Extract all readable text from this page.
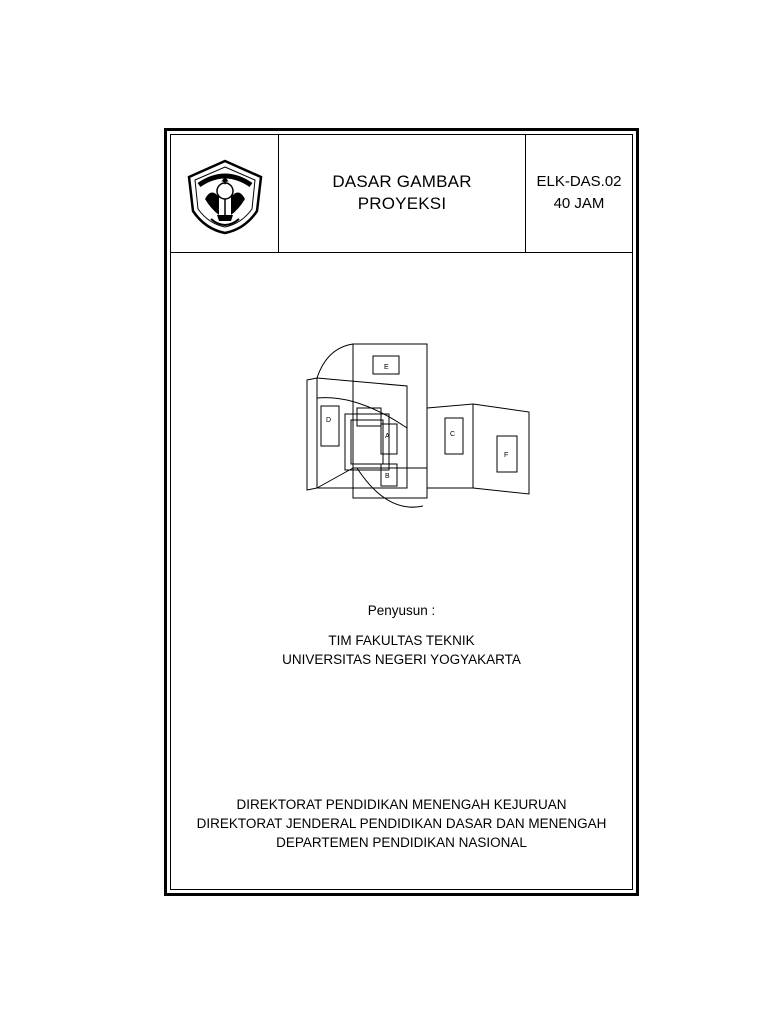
DASAR GAMBAR
PROYEKSI
ELK-DAS.02
40 JAM
E
D
A
B
C
F
Penyusun :
TIM FAKULTAS TEKNIK
UNIVERSITAS NEGERI YOGYAKARTA
DIREKTORAT PENDIDIKAN MENENGAH KEJURUAN
DIREKTORAT JENDERAL PENDIDIKAN DASAR DAN MENENGAH
DEPARTEMEN PENDIDIKAN NASIONAL
